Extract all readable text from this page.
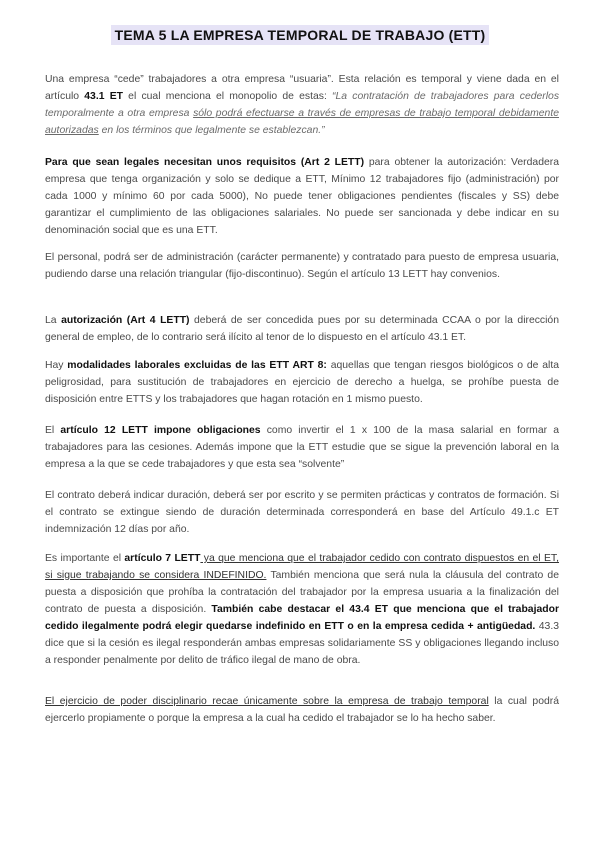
TEMA 5 LA EMPRESA TEMPORAL DE TRABAJO (ETT)

Una empresa “cede” trabajadores a otra empresa “usuaria”. Esta relación es temporal y viene dada en el artículo 43.1 ET el cual menciona el monopolio de estas: “La contratación de trabajadores para cederlos temporalmente a otra empresa sólo podrá efectuarse a través de empresas de trabajo temporal debidamente autorizadas en los términos que legalmente se establezcan.”

Para que sean legales necesitan unos requisitos (Art 2 LETT) para obtener la autorización: Verdadera empresa que tenga organización y solo se dedique a ETT, Mínimo 12 trabajadores fijo (administración) por cada 1000 y mínimo 60 por cada 5000), No puede tener obligaciones pendientes (fiscales y SS) debe garantizar el cumplimiento de las obligaciones salariales. No puede ser sancionada y debe indicar en su denominación social que es una ETT.

El personal, podrá ser de administración (carácter permanente) y contratado para puesto de empresa usuaria, pudiendo darse una relación triangular (fijo-discontinuo). Según el artículo 13 LETT hay convenios.

La autorización (Art 4 LETT) deberá de ser concedida pues por su determinada CCAA o por la dirección general de empleo, de lo contrario será ilícito al tenor de lo dispuesto en el artículo 43.1 ET.

Hay modalidades laborales excluidas de las ETT ART 8: aquellas que tengan riesgos biológicos o de alta peligrosidad, para sustitución de trabajadores en ejercicio de derecho a huelga, se prohíbe puesta de disposición entre ETTS y los trabajadores que hagan rotación en 1 mismo puesto.

El artículo 12 LETT impone obligaciones como invertir el 1 x 100 de la masa salarial en formar a trabajadores para las cesiones. Además impone que la ETT estudie que se sigue la prevención laboral en la empresa a la que se cede trabajadores y que esta sea “solvente”

El contrato deberá indicar duración, deberá ser por escrito y se permiten prácticas y contratos de formación. Si el contrato se extingue siendo de duración determinada corresponderá en base del Artículo 49.1.c ET indemnización 12 días por año.

Es importante el artículo 7 LETT ya que menciona que el trabajador cedido con contrato dispuestos en el ET, si sigue trabajando se considera INDEFINIDO. También menciona que será nula la cláusula del contrato de puesta a disposición que prohíba la contratación del trabajador por la empresa usuaria a la finalización del contrato de puesta a disposición. También cabe destacar el 43.4 ET que menciona que el trabajador cedido ilegalmente podrá elegir quedarse indefinido en ETT o en la empresa cedida + antigüedad. 43.3 dice que si la cesión es ilegal responderán ambas empresas solidariamente SS y obligaciones llegando incluso a responder penalmente por delito de tráfico ilegal de mano de obra.

El ejercicio de poder disciplinario recae únicamente sobre la empresa de trabajo temporal la cual podrá ejercerlo propiamente o porque la empresa a la cual ha cedido el trabajador se lo ha hecho saber.
